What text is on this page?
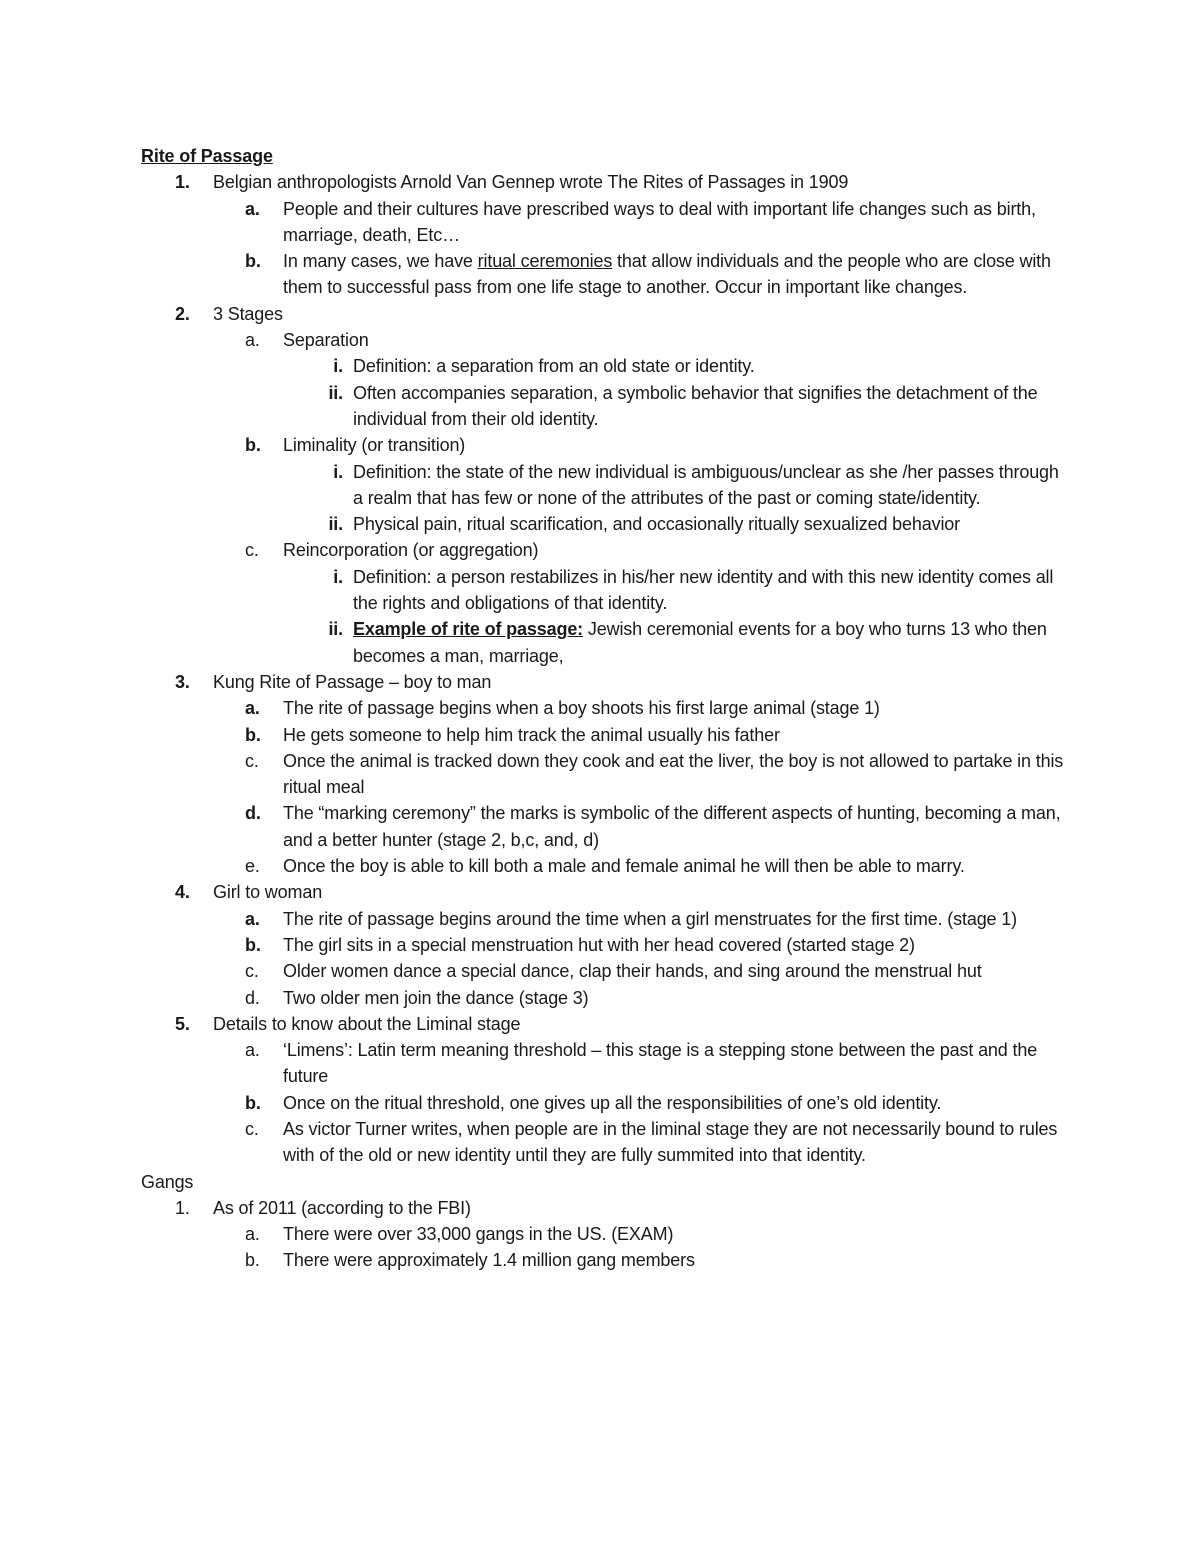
Rite of Passage
1. Belgian anthropologists Arnold Van Gennep wrote The Rites of Passages in 1909
a. People and their cultures have prescribed ways to deal with important life changes such as birth, marriage, death, Etc…
b. In many cases, we have ritual ceremonies that allow individuals and the people who are close with them to successful pass from one life stage to another. Occur in important like changes.
2. 3 Stages
a. Separation
i. Definition: a separation from an old state or identity.
ii. Often accompanies separation, a symbolic behavior that signifies the detachment of the individual from their old identity.
b. Liminality (or transition)
i. Definition: the state of the new individual is ambiguous/unclear as she /her passes through a realm that has few or none of the attributes of the past or coming state/identity.
ii. Physical pain, ritual scarification, and occasionally ritually sexualized behavior
c. Reincorporation (or aggregation)
i. Definition: a person restabilizes in his/her new identity and with this new identity comes all the rights and obligations of that identity.
ii. Example of rite of passage: Jewish ceremonial events for a boy who turns 13 who then becomes a man, marriage,
3. Kung Rite of Passage – boy to man
a. The rite of passage begins when a boy shoots his first large animal (stage 1)
b. He gets someone to help him track the animal usually his father
c. Once the animal is tracked down they cook and eat the liver, the boy is not allowed to partake in this ritual meal
d. The “marking ceremony” the marks is symbolic of the different aspects of hunting, becoming a man, and a better hunter (stage 2, b,c, and, d)
e. Once the boy is able to kill both a male and female animal he will then be able to marry.
4. Girl to woman
a. The rite of passage begins around the time when a girl menstruates for the first time. (stage 1)
b. The girl sits in a special menstruation hut with her head covered (started stage 2)
c. Older women dance a special dance, clap their hands, and sing around the menstrual hut
d. Two older men join the dance (stage 3)
5. Details to know about the Liminal stage
a. ‘Limens’: Latin term meaning threshold – this stage is a stepping stone between the past and the future
b. Once on the ritual threshold, one gives up all the responsibilities of one’s old identity.
c. As victor Turner writes, when people are in the liminal stage they are not necessarily bound to rules with of the old or new identity until they are fully summited into that identity.
Gangs
1. As of 2011 (according to the FBI)
a. There were over 33,000 gangs in the US. (EXAM)
b. There were approximately 1.4 million gang members
